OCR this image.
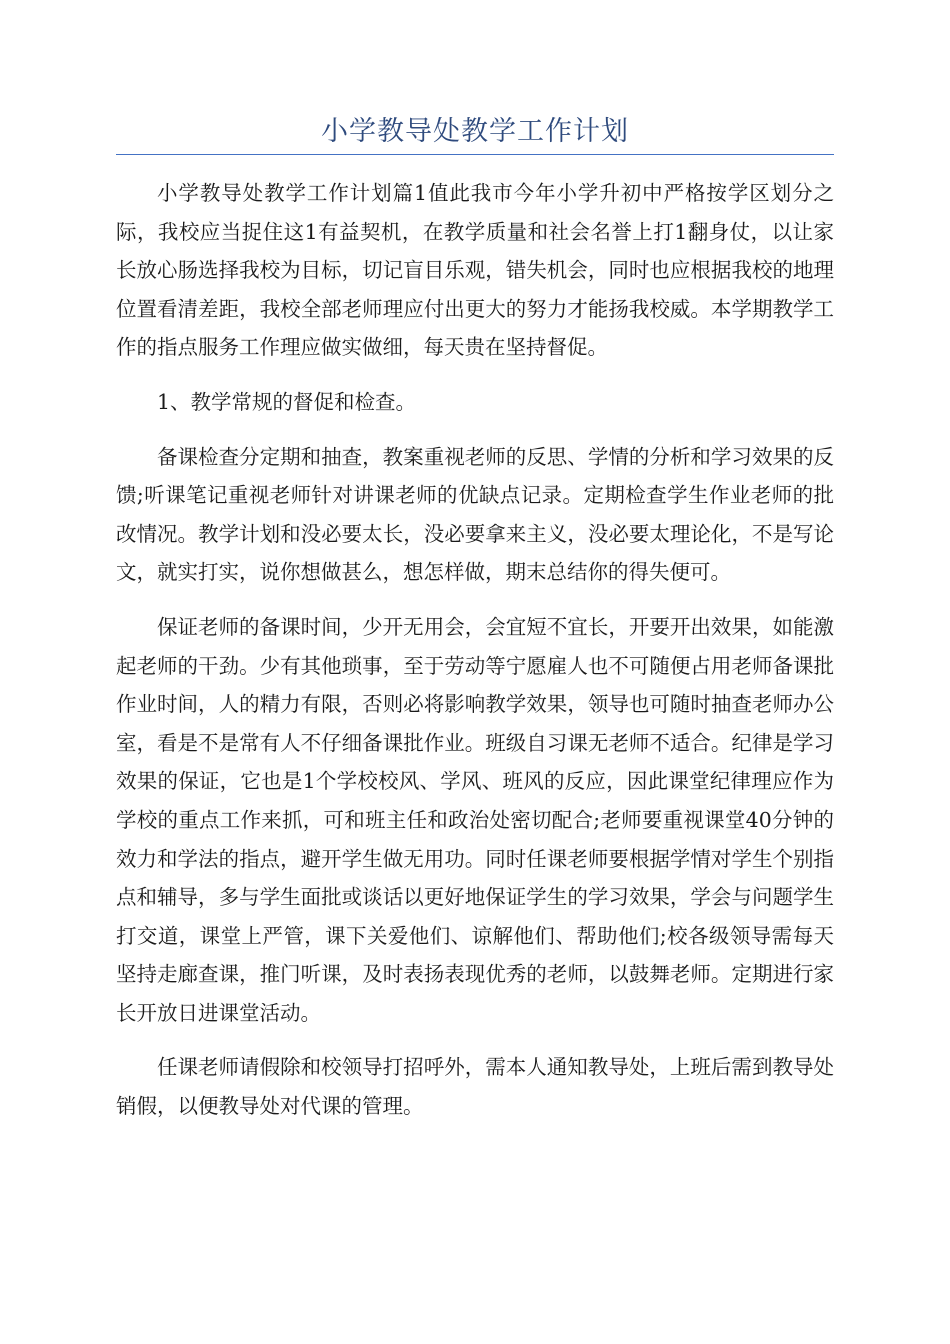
小学教导处教学工作计划

小学教导处教学工作计划篇1值此我市今年小学升初中严格按学区划分之际，我校应当捉住这1有益契机，在教学质量和社会名誉上打1翻身仗，以让家长放心肠选择我校为目标，切记盲目乐观，错失机会，同时也应根据我校的地理位置看清差距，我校全部老师理应付出更大的努力才能扬我校威。本学期教学工作的指点服务工作理应做实做细，每天贵在坚持督促。

1、教学常规的督促和检查。

备课检查分定期和抽查，教案重视老师的反思、学情的分析和学习效果的反馈;听课笔记重视老师针对讲课老师的优缺点记录。定期检查学生作业老师的批改情况。教学计划和没必要太长，没必要拿来主义，没必要太理论化，不是写论文，就实打实，说你想做甚么，想怎样做，期末总结你的得失便可。

保证老师的备课时间，少开无用会，会宜短不宜长，开要开出效果，如能激起老师的干劲。少有其他琐事，至于劳动等宁愿雇人也不可随便占用老师备课批作业时间，人的精力有限，否则必将影响教学效果，领导也可随时抽查老师办公室，看是不是常有人不仔细备课批作业。班级自习课无老师不适合。纪律是学习效果的保证，它也是1个学校校风、学风、班风的反应，因此课堂纪律理应作为学校的重点工作来抓，可和班主任和政治处密切配合;老师要重视课堂40分钟的效力和学法的指点，避开学生做无用功。同时任课老师要根据学情对学生个别指点和辅导，多与学生面批或谈话以更好地保证学生的学习效果，学会与问题学生打交道，课堂上严管，课下关爱他们、谅解他们、帮助他们;校各级领导需每天坚持走廊查课，推门听课，及时表扬表现优秀的老师，以鼓舞老师。定期进行家长开放日进课堂活动。

任课老师请假除和校领导打招呼外，需本人通知教导处，上班后需到教导处销假，以便教导处对代课的管理。
